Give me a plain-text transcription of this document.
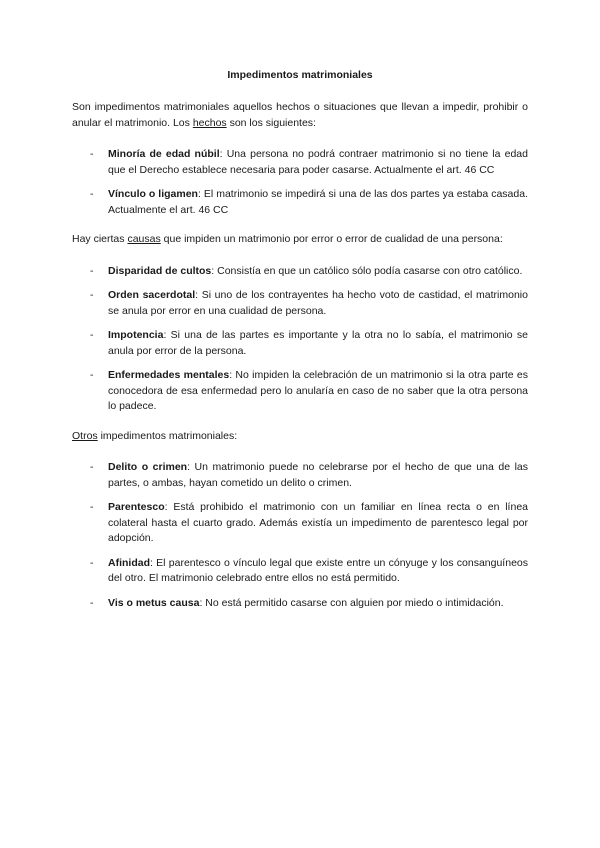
Impedimentos matrimoniales

Son impedimentos matrimoniales aquellos hechos o situaciones que llevan a impedir, prohibir o anular el matrimonio. Los hechos son los siguientes:

- Minoría de edad núbil: Una persona no podrá contraer matrimonio si no tiene la edad que el Derecho establece necesaria para poder casarse. Actualmente el art. 46 CC
- Vínculo o ligamen: El matrimonio se impedirá si una de las dos partes ya estaba casada. Actualmente el art. 46 CC

Hay ciertas causas que impiden un matrimonio por error o error de cualidad de una persona:

- Disparidad de cultos: Consistía en que un católico sólo podía casarse con otro católico.
- Orden sacerdotal: Si uno de los contrayentes ha hecho voto de castidad, el matrimonio se anula por error en una cualidad de persona.
- Impotencia: Si una de las partes es importante y la otra no lo sabía, el matrimonio se anula por error de la persona.
- Enfermedades mentales: No impiden la celebración de un matrimonio si la otra parte es conocedora de esa enfermedad pero lo anularía en caso de no saber que la otra persona lo padece.

Otros impedimentos matrimoniales:

- Delito o crimen: Un matrimonio puede no celebrarse por el hecho de que una de las partes, o ambas, hayan cometido un delito o crimen.
- Parentesco: Está prohibido el matrimonio con un familiar en línea recta o en línea colateral hasta el cuarto grado. Además existía un impedimento de parentesco legal por adopción.
- Afinidad: El parentesco o vínculo legal que existe entre un cónyuge y los consanguíneos del otro. El matrimonio celebrado entre ellos no está permitido.
- Vis o metus causa: No está permitido casarse con alguien por miedo o intimidación.
